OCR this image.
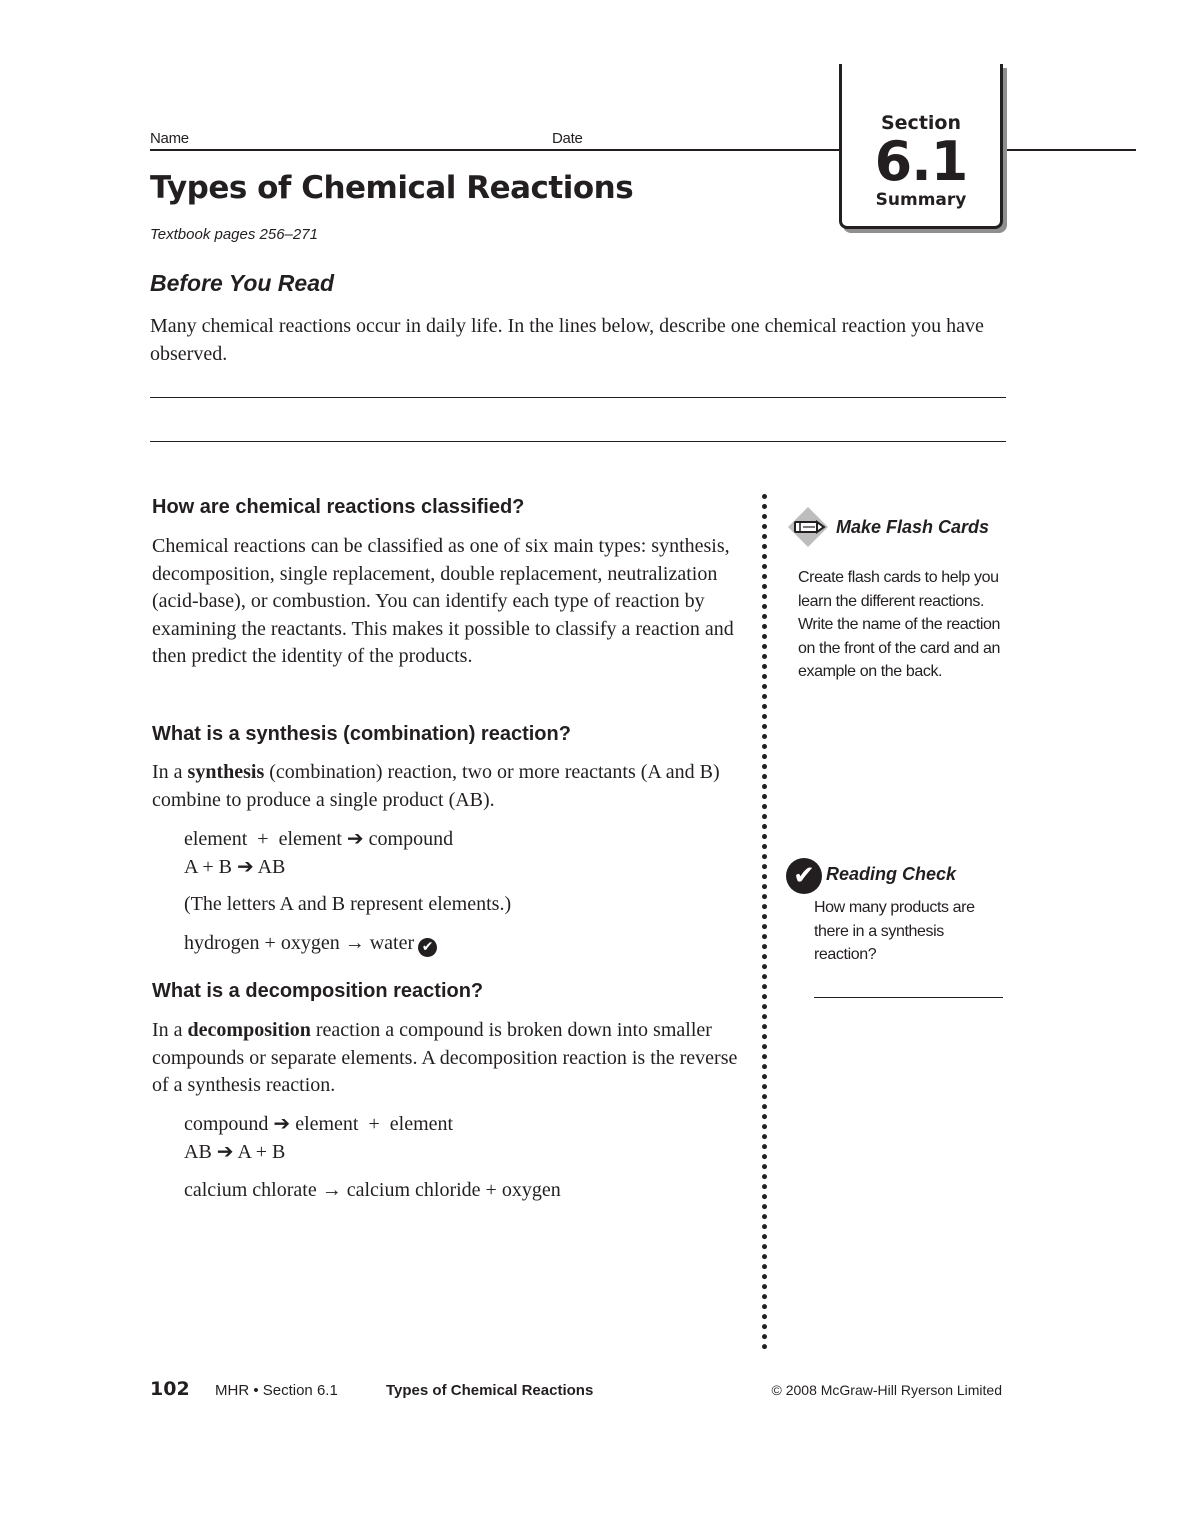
Name	Date
Section
6.1
Summary
Types of Chemical Reactions
Textbook pages 256–271
Before You Read
Many chemical reactions occur in daily life. In the lines below, describe one chemical reaction you have observed.
How are chemical reactions classified?
Chemical reactions can be classified as one of six main types: synthesis, decomposition, single replacement, double replacement, neutralization (acid-base), or combustion. You can identify each type of reaction by examining the reactants. This makes it possible to classify a reaction and then predict the identity of the products.
What is a synthesis (combination) reaction?
In a synthesis (combination) reaction, two or more reactants (A and B) combine to produce a single product (AB).
element  +  element ➔ compound
A + B ➔ AB
(The letters A and B represent elements.)
hydrogen + oxygen → water ✔
What is a decomposition reaction?
In a decomposition reaction a compound is broken down into smaller compounds or separate elements. A decomposition reaction is the reverse of a synthesis reaction.
compound ➔ element  +  element
AB ➔ A + B
calcium chlorate → calcium chloride + oxygen
Make Flash Cards
Create flash cards to help you learn the different reactions. Write the name of the reaction on the front of the card and an example on the back.
✔ Reading Check
How many products are there in a synthesis reaction?
102 MHR • Section 6.1	Types of Chemical Reactions	© 2008 McGraw-Hill Ryerson Limited
